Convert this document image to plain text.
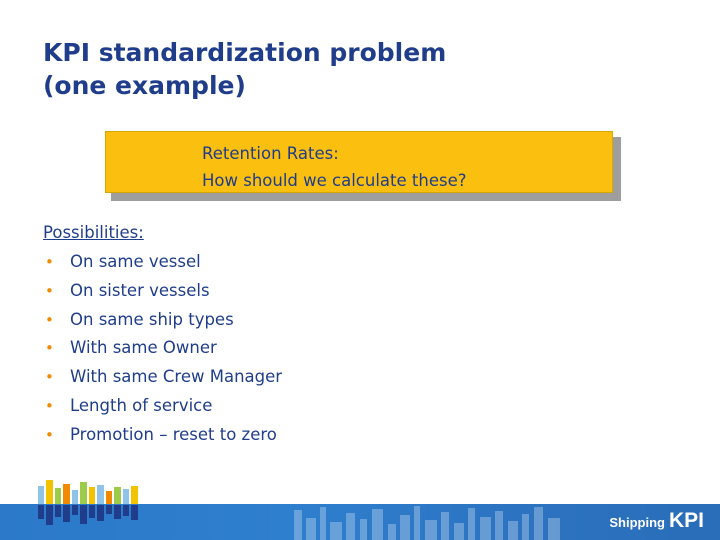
KPI standardization problem
(one example)
Retention Rates:
How should we calculate these?
Possibilities:
• On same vessel
• On sister vessels
• On same ship types
• With same Owner
• With same Crew Manager
• Length of service
• Promotion – reset to zero
Shipping KPI
